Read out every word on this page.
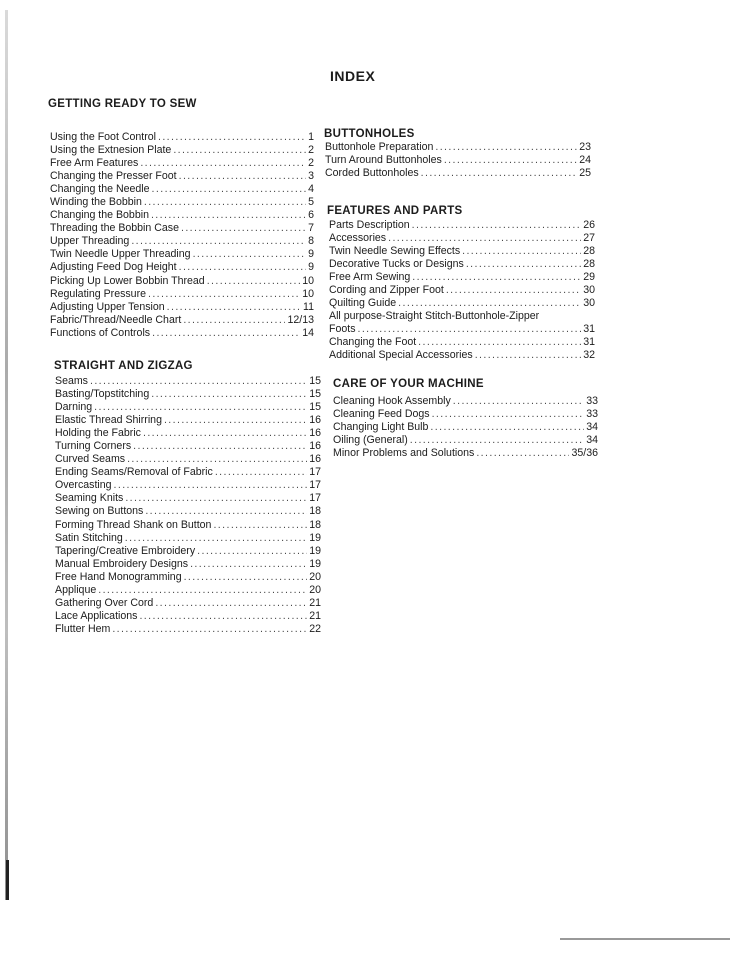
INDEX
GETTING READY TO SEW
Using the Foot Control .....	1
Using the Extnesion Plate .....	2
Free Arm Features .....	2
Changing the Presser Foot .....	3
Changing the Needle .....	4
Winding the Bobbin .....	5
Changing the Bobbin .....	6
Threading the Bobbin Case .....	7
Upper Threading .....	8
Twin Needle Upper Threading .....	9
Adjusting Feed Dog Height .....	9
Picking Up Lower Bobbin Thread .....	10
Regulating Pressure .....	10
Adjusting Upper Tension .....	11
Fabric/Thread/Needle Chart .....	12/13
Functions of Controls .....	14
STRAIGHT AND ZIGZAG
Seams .....	15
Basting/Topstitching .....	15
Darning .....	15
Elastic Thread Shirring .....	16
Holding the Fabric .....	16
Turning Corners .....	16
Curved Seams .....	16
Ending Seams/Removal of Fabric .....	17
Overcasting .....	17
Seaming Knits .....	17
Sewing on Buttons .....	18
Forming Thread Shank on Button .....	18
Satin Stitching .....	19
Tapering/Creative Embroidery .....	19
Manual Embroidery Designs .....	19
Free Hand Monogramming .....	20
Applique .....	20
Gathering Over Cord .....	21
Lace Applications .....	21
Flutter Hem .....	22
BUTTONHOLES
Buttonhole Preparation .....	23
Turn Around Buttonholes .....	24
Corded Buttonholes .....	25
FEATURES AND PARTS
Parts Description .....	26
Accessories .....	27
Twin Needle Sewing Effects .....	28
Decorative Tucks or Designs .....	28
Free Arm Sewing .....	29
Cording and Zipper Foot .....	30
Quilting Guide .....	30
All purpose-Straight Stitch-Buttonhole-Zipper
Foots .....	31
Changing the Foot .....	31
Additional Special Accessories .....	32
CARE OF YOUR MACHINE
Cleaning Hook Assembly .....	33
Cleaning Feed Dogs .....	33
Changing Light Bulb .....	34
Oiling (General) .....	34
Minor Problems and Solutions .....	35/36
